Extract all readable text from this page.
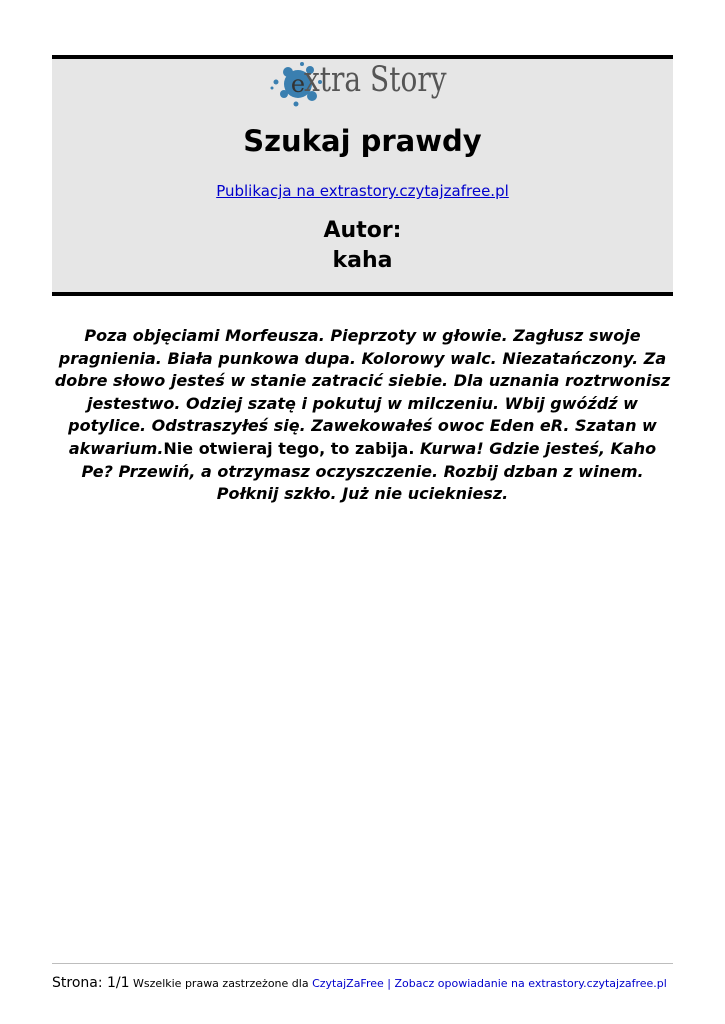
e
xtra Story
Szukaj prawdy
Publikacja na extrastory.czytajzafree.pl
Autor:
kaha
Poza objęciami Morfeusza. Pieprzoty w głowie. Zagłusz swoje pragnienia. Biała punkowa dupa. Kolorowy walc. Niezatańczony. Za dobre słowo jesteś w stanie zatracić siebie. Dla uznania roztrwonisz jestestwo. Odziej szatę i pokutuj w milczeniu. Wbij gwóźdź w potylice. Odstraszyłeś się. Zawekowałeś owoc Eden eR. Szatan w akwarium.Nie otwieraj tego, to zabija. Kurwa! Gdzie jesteś, Kaho Pe? Przewiń, a otrzymasz oczyszczenie. Rozbij dzban z winem. Połknij szkło. Już nie uciekniesz.
Strona: 1/1 Wszelkie prawa zastrzeżone dla CzytajZaFree | Zobacz opowiadanie na extrastory.czytajzafree.pl
